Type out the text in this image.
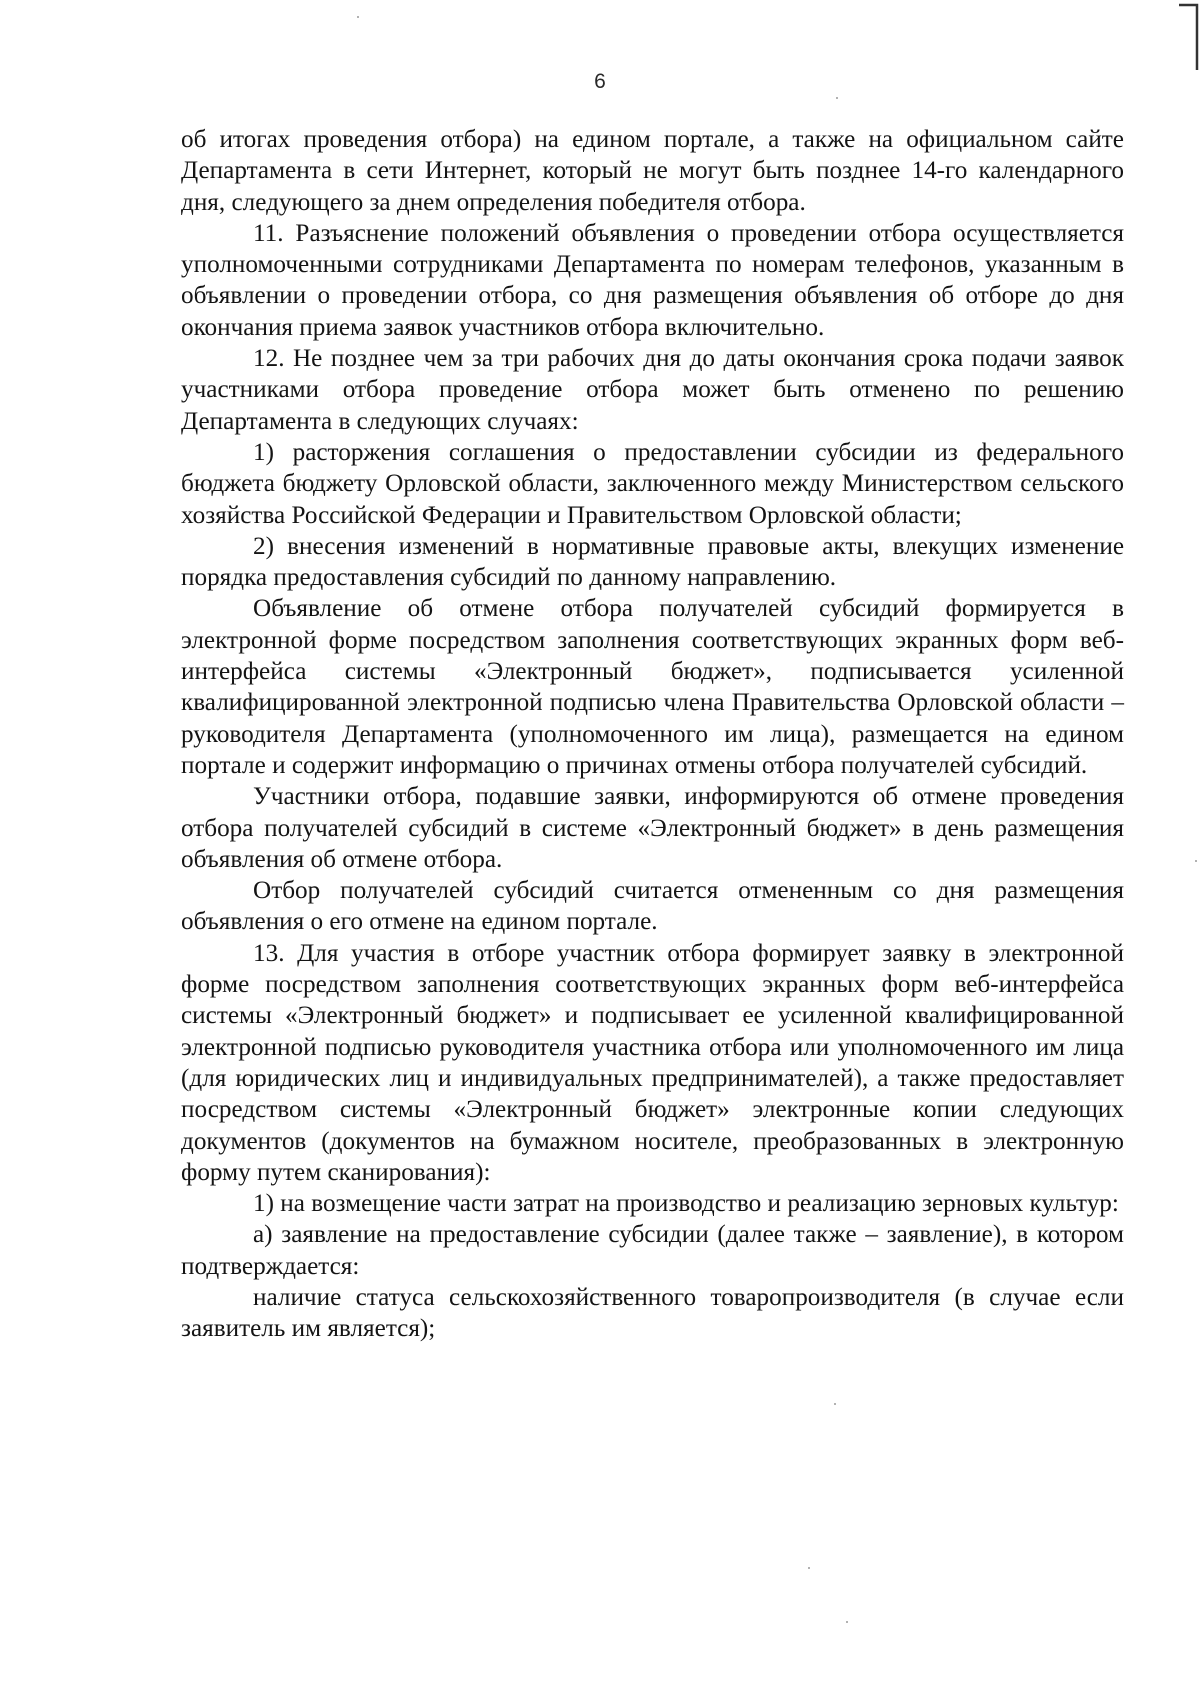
6

об итогах проведения отбора) на едином портале, а также на официальном сайте Департамента в сети Интернет, который не могут быть позднее 14-го календарного дня, следующего за днем определения победителя отбора.

11. Разъяснение положений объявления о проведении отбора осуществляется уполномоченными сотрудниками Департамента по номерам телефонов, указанным в объявлении о проведении отбора, со дня размещения объявления об отборе до дня окончания приема заявок участников отбора включительно.

12. Не позднее чем за три рабочих дня до даты окончания срока подачи заявок участниками отбора проведение отбора может быть отменено по решению Департамента в следующих случаях:

1) расторжения соглашения о предоставлении субсидии из федерального бюджета бюджету Орловской области, заключенного между Министерством сельского хозяйства Российской Федерации и Правительством Орловской области;

2) внесения изменений в нормативные правовые акты, влекущих изменение порядка предоставления субсидий по данному направлению.

Объявление об отмене отбора получателей субсидий формируется в электронной форме посредством заполнения соответствующих экранных форм веб-интерфейса системы «Электронный бюджет», подписывается усиленной квалифицированной электронной подписью члена Правительства Орловской области – руководителя Департамента (уполномоченного им лица), размещается на едином портале и содержит информацию о причинах отмены отбора получателей субсидий.

Участники отбора, подавшие заявки, информируются об отмене проведения отбора получателей субсидий в системе «Электронный бюджет» в день размещения объявления об отмене отбора.

Отбор получателей субсидий считается отмененным со дня размещения объявления о его отмене на едином портале.

13. Для участия в отборе участник отбора формирует заявку в электронной форме посредством заполнения соответствующих экранных форм веб-интерфейса системы «Электронный бюджет» и подписывает ее усиленной квалифицированной электронной подписью руководителя участника отбора или уполномоченного им лица (для юридических лиц и индивидуальных предпринимателей), а также предоставляет посредством системы «Электронный бюджет» электронные копии следующих документов (документов на бумажном носителе, преобразованных в электронную форму путем сканирования):

1) на возмещение части затрат на производство и реализацию зерновых культур:

а) заявление на предоставление субсидии (далее также – заявление), в котором подтверждается:

наличие статуса сельскохозяйственного товаропроизводителя (в случае если заявитель им является);
